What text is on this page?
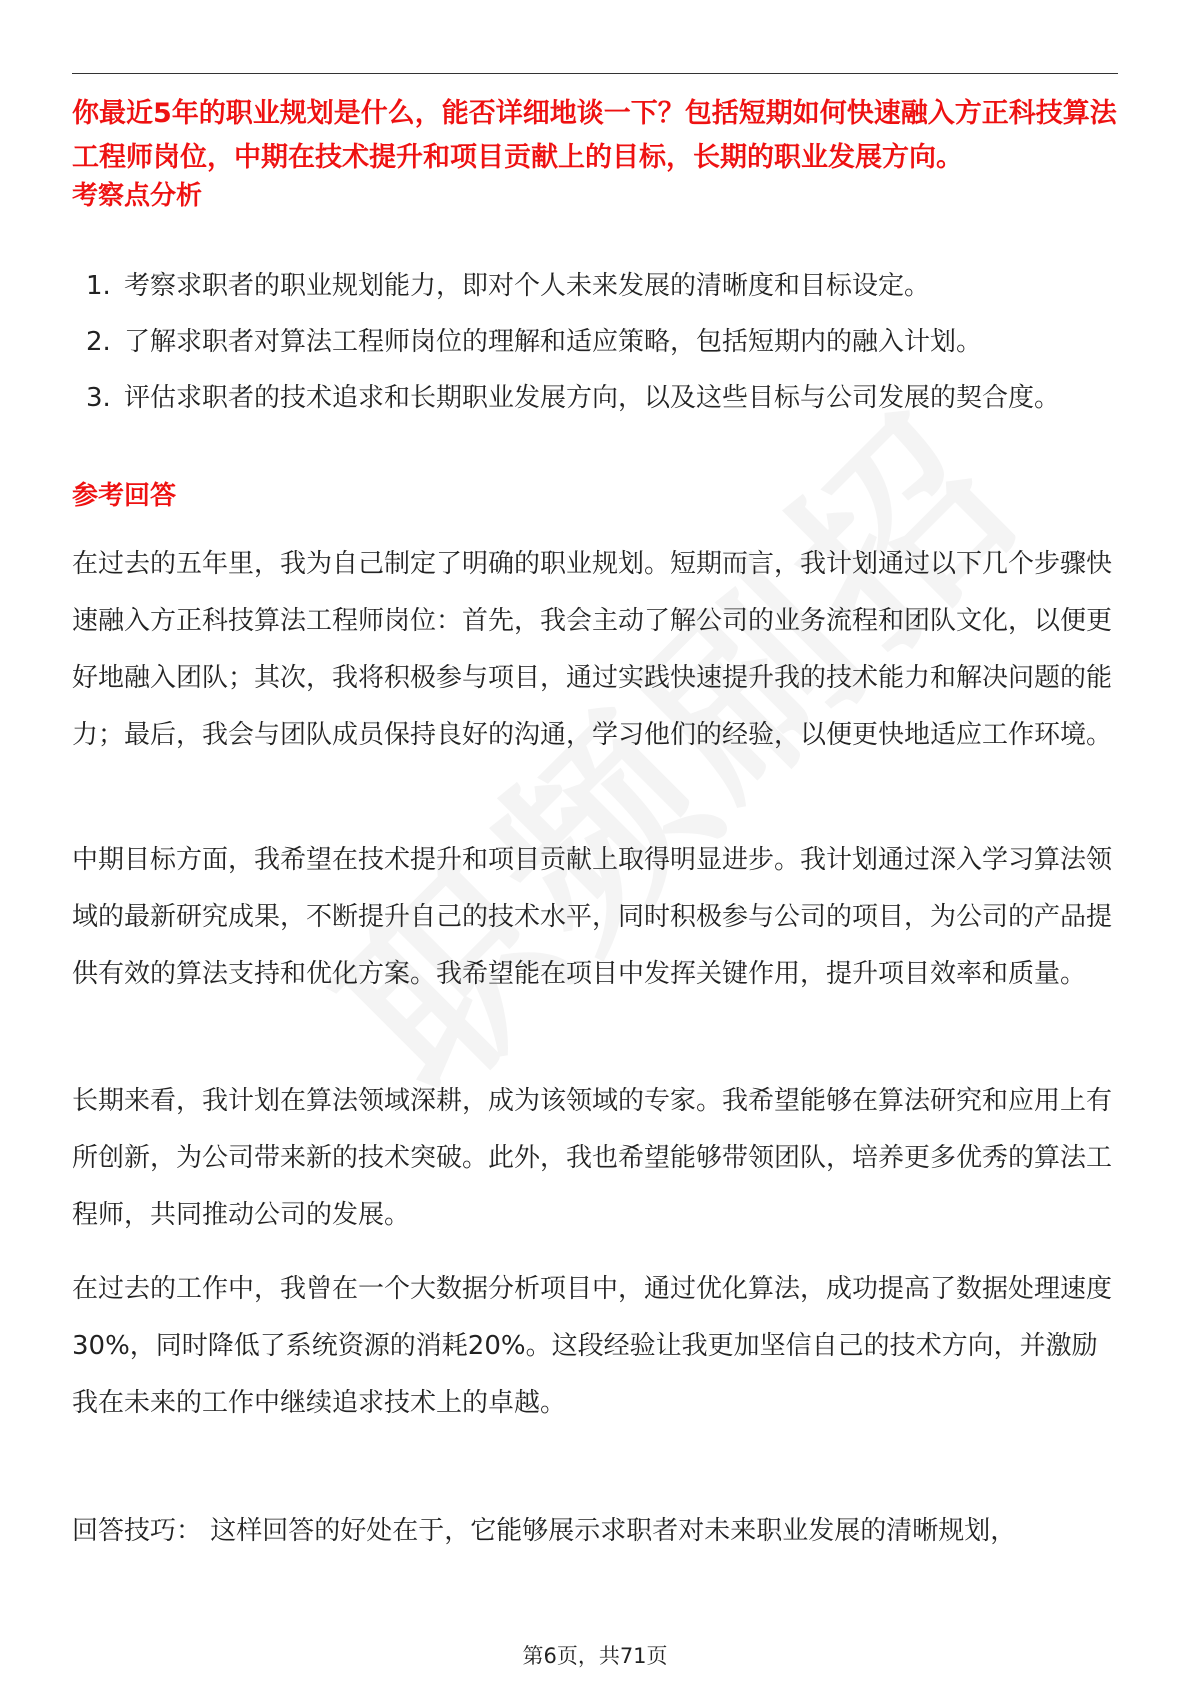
你最近5年的职业规划是什么，能否详细地谈一下？包括短期如何快速融入方正科技算法工程师岗位，中期在技术提升和项目贡献上的目标，长期的职业发展方向。
考察点分析
1. 考察求职者的职业规划能力，即对个人未来发展的清晰度和目标设定。
2. 了解求职者对算法工程师岗位的理解和适应策略，包括短期内的融入计划。
3. 评估求职者的技术追求和长期职业发展方向，以及这些目标与公司发展的契合度。
参考回答

在过去的五年里，我为自己制定了明确的职业规划。短期而言，我计划通过以下几个步骤快速融入方正科技算法工程师岗位：首先，我会主动了解公司的业务流程和团队文化，以便更好地融入团队；其次，我将积极参与项目，通过实践快速提升我的技术能力和解决问题的能力；最后，我会与团队成员保持良好的沟通，学习他们的经验，以便更快地适应工作环境。

中期目标方面，我希望在技术提升和项目贡献上取得明显进步。我计划通过深入学习算法领域的最新研究成果，不断提升自己的技术水平，同时积极参与公司的项目，为公司的产品提供有效的算法支持和优化方案。我希望能在项目中发挥关键作用，提升项目效率和质量。

长期来看，我计划在算法领域深耕，成为该领域的专家。我希望能够在算法研究和应用上有所创新，为公司带来新的技术突破。此外，我也希望能够带领团队，培养更多优秀的算法工程师，共同推动公司的发展。

在过去的工作中，我曾在一个大数据分析项目中，通过优化算法，成功提高了数据处理速度30%，同时降低了系统资源的消耗20%。这段经验让我更加坚信自己的技术方向，并激励我在未来的工作中继续追求技术上的卓越。

回答技巧： 这样回答的好处在于，它能够展示求职者对未来职业发展的清晰规划，

第6页，共71页
